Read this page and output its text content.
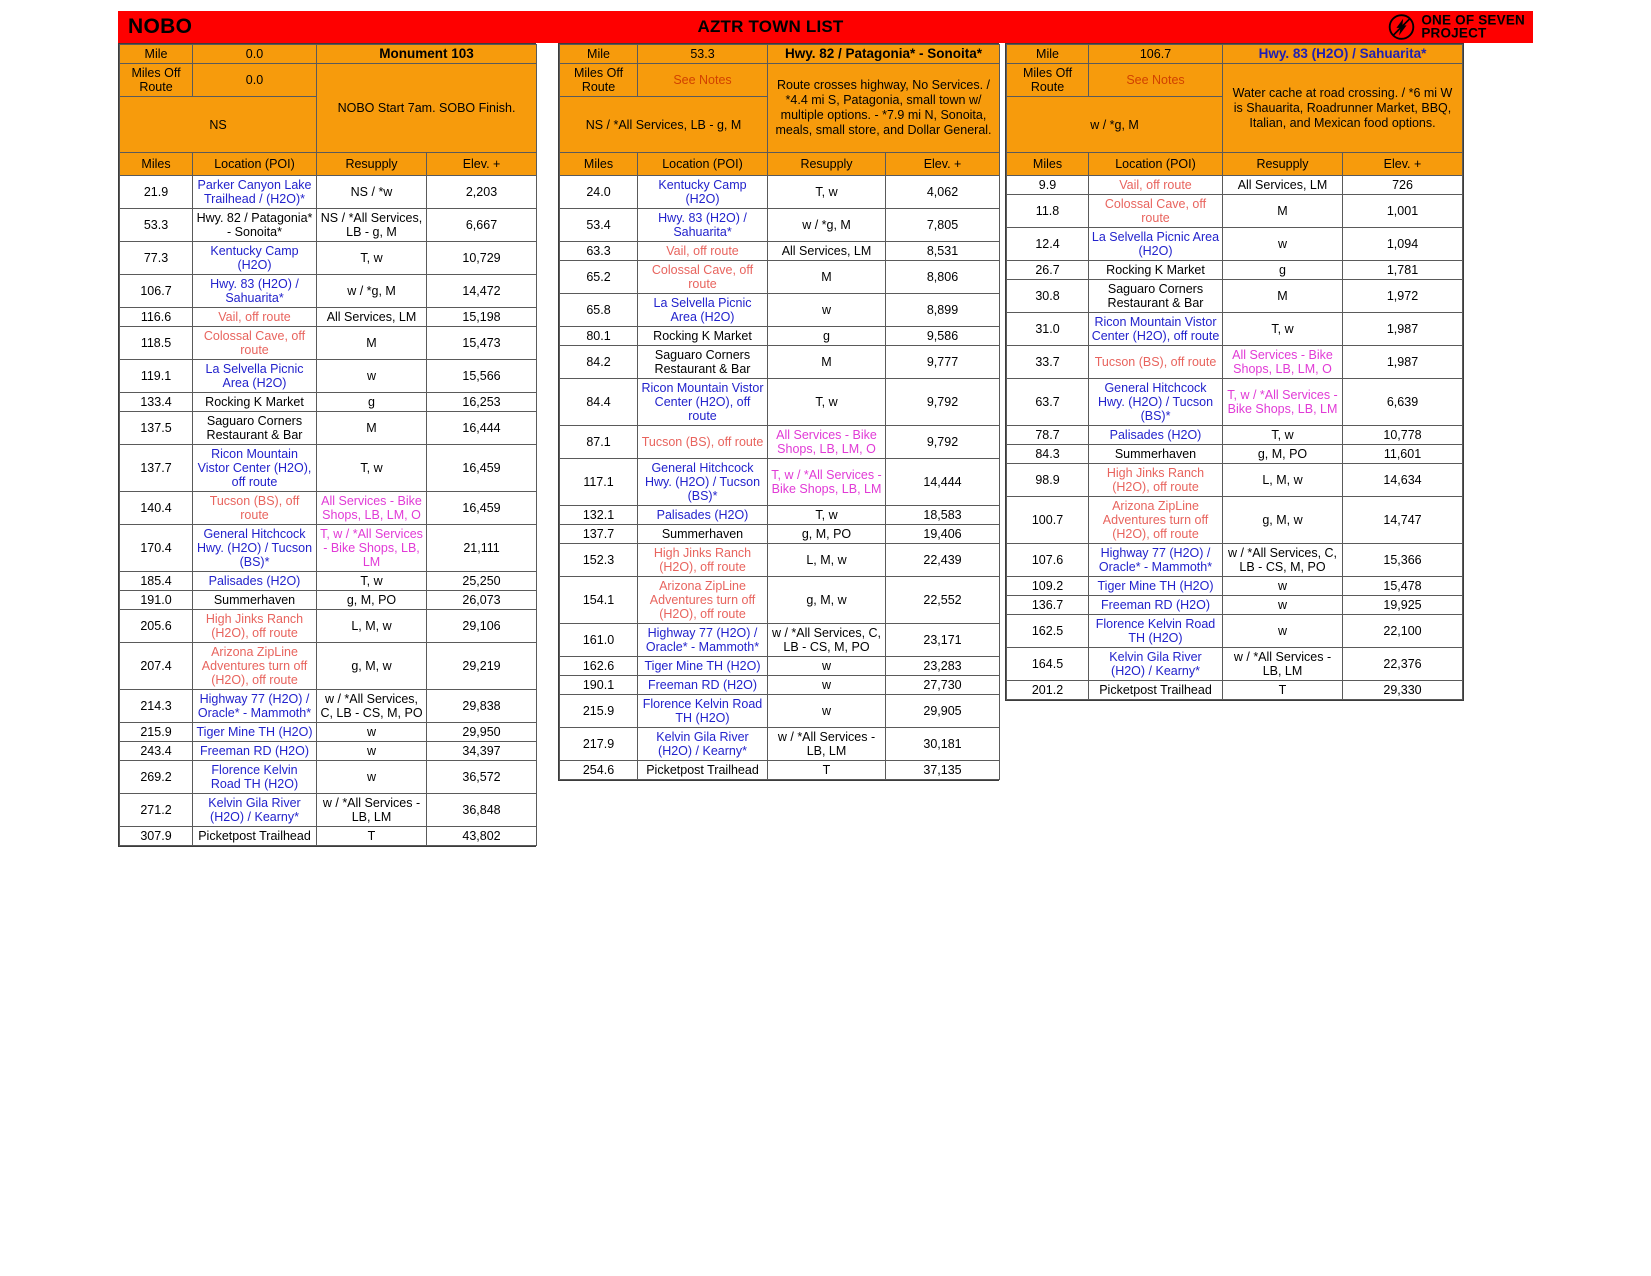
NOBO	AZTR TOWN LIST	ONE OF SEVEN
PROJECT
Mile	0.0	Monument 103	
Miles Off Route	0.0	NOBO Start 7am. SOBO Finish.	
NS			
Miles	Location (POI)	Resupply	Elev. +
21.9	Parker Canyon Lake Trailhead / (H2O)*	NS / *w	2,203
53.3	Hwy. 82 / Patagonia* - Sonoita*	NS / *All Services, LB - g, M	6,667
77.3	Kentucky Camp (H2O)	T, w	10,729
106.7	Hwy. 83 (H2O) / Sahuarita*	w / *g, M	14,472
116.6	Vail, off route	All Services, LM	15,198
118.5	Colossal Cave, off route	M	15,473
119.1	La Selvella Picnic Area (H2O)	w	15,566
133.4	Rocking K Market	g	16,253
137.5	Saguaro Corners Restaurant & Bar	M	16,444
137.7	Ricon Mountain Vistor Center (H2O), off route	T, w	16,459
140.4	Tucson (BS), off route	All Services - Bike Shops, LB, LM, O	16,459
170.4	General Hitchcock Hwy. (H2O) / Tucson (BS)*	T, w / *All Services - Bike Shops, LB, LM	21,111
185.4	Palisades (H2O)	T, w	25,250
191.0	Summerhaven	g, M, PO	26,073
205.6	High Jinks Ranch (H2O), off route	L, M, w	29,106
207.4	Arizona ZipLine Adventures turn off (H2O), off route	g, M, w	29,219
214.3	Highway 77 (H2O) / Oracle* - Mammoth*	w / *All Services, C, LB - CS, M, PO	29,838
215.9	Tiger Mine TH (H2O)	w	29,950
243.4	Freeman RD (H2O)	w	34,397
269.2	Florence Kelvin Road TH (H2O)	w	36,572
271.2	Kelvin Gila River (H2O) / Kearny*	w / *All Services - LB, LM	36,848
307.9	Picketpost Trailhead	T	43,802
Mile	53.3	Hwy. 82 / Patagonia* - Sonoita*	
Miles Off Route	See Notes	Route crosses highway, No Services. / *4.4 mi S, Patagonia, small town w/ multiple options. - *7.9 mi N, Sonoita, meals, small store, and Dollar General.	
NS / *All Services, LB - g, M			
Miles	Location (POI)	Resupply	Elev. +
24.0	Kentucky Camp (H2O)	T, w	4,062
53.4	Hwy. 83 (H2O) / Sahuarita*	w / *g, M	7,805
63.3	Vail, off route	All Services, LM	8,531
65.2	Colossal Cave, off route	M	8,806
65.8	La Selvella Picnic Area (H2O)	w	8,899
80.1	Rocking K Market	g	9,586
84.2	Saguaro Corners Restaurant & Bar	M	9,777
84.4	Ricon Mountain Vistor Center (H2O), off route	T, w	9,792
87.1	Tucson (BS), off route	All Services - Bike Shops, LB, LM, O	9,792
117.1	General Hitchcock Hwy. (H2O) / Tucson (BS)*	T, w / *All Services - Bike Shops, LB, LM	14,444
132.1	Palisades (H2O)	T, w	18,583
137.7	Summerhaven	g, M, PO	19,406
152.3	High Jinks Ranch (H2O), off route	L, M, w	22,439
154.1	Arizona ZipLine Adventures turn off (H2O), off route	g, M, w	22,552
161.0	Highway 77 (H2O) / Oracle* - Mammoth*	w / *All Services, C, LB - CS, M, PO	23,171
162.6	Tiger Mine TH (H2O)	w	23,283
190.1	Freeman RD (H2O)	w	27,730
215.9	Florence Kelvin Road TH (H2O)	w	29,905
217.9	Kelvin Gila River (H2O) / Kearny*	w / *All Services - LB, LM	30,181
254.6	Picketpost Trailhead	T	37,135
Mile	106.7	Hwy. 83 (H2O) / Sahuarita*	
Miles Off Route	See Notes	Water cache at road crossing. / *6 mi W is Shauarita, Roadrunner Market, BBQ, Italian, and Mexican food options.	
w / *g, M			
Miles	Location (POI)	Resupply	Elev. +
9.9	Vail, off route	All Services, LM	726
11.8	Colossal Cave, off route	M	1,001
12.4	La Selvella Picnic Area (H2O)	w	1,094
26.7	Rocking K Market	g	1,781
30.8	Saguaro Corners Restaurant & Bar	M	1,972
31.0	Ricon Mountain Vistor Center (H2O), off route	T, w	1,987
33.7	Tucson (BS), off route	All Services - Bike Shops, LB, LM, O	1,987
63.7	General Hitchcock Hwy. (H2O) / Tucson (BS)*	T, w / *All Services - Bike Shops, LB, LM	6,639
78.7	Palisades (H2O)	T, w	10,778
84.3	Summerhaven	g, M, PO	11,601
98.9	High Jinks Ranch (H2O), off route	L, M, w	14,634
100.7	Arizona ZipLine Adventures turn off (H2O), off route	g, M, w	14,747
107.6	Highway 77 (H2O) / Oracle* - Mammoth*	w / *All Services, C, LB - CS, M, PO	15,366
109.2	Tiger Mine TH (H2O)	w	15,478
136.7	Freeman RD (H2O)	w	19,925
162.5	Florence Kelvin Road TH (H2O)	w	22,100
164.5	Kelvin Gila River (H2O) / Kearny*	w / *All Services - LB, LM	22,376
201.2	Picketpost Trailhead	T	29,330
